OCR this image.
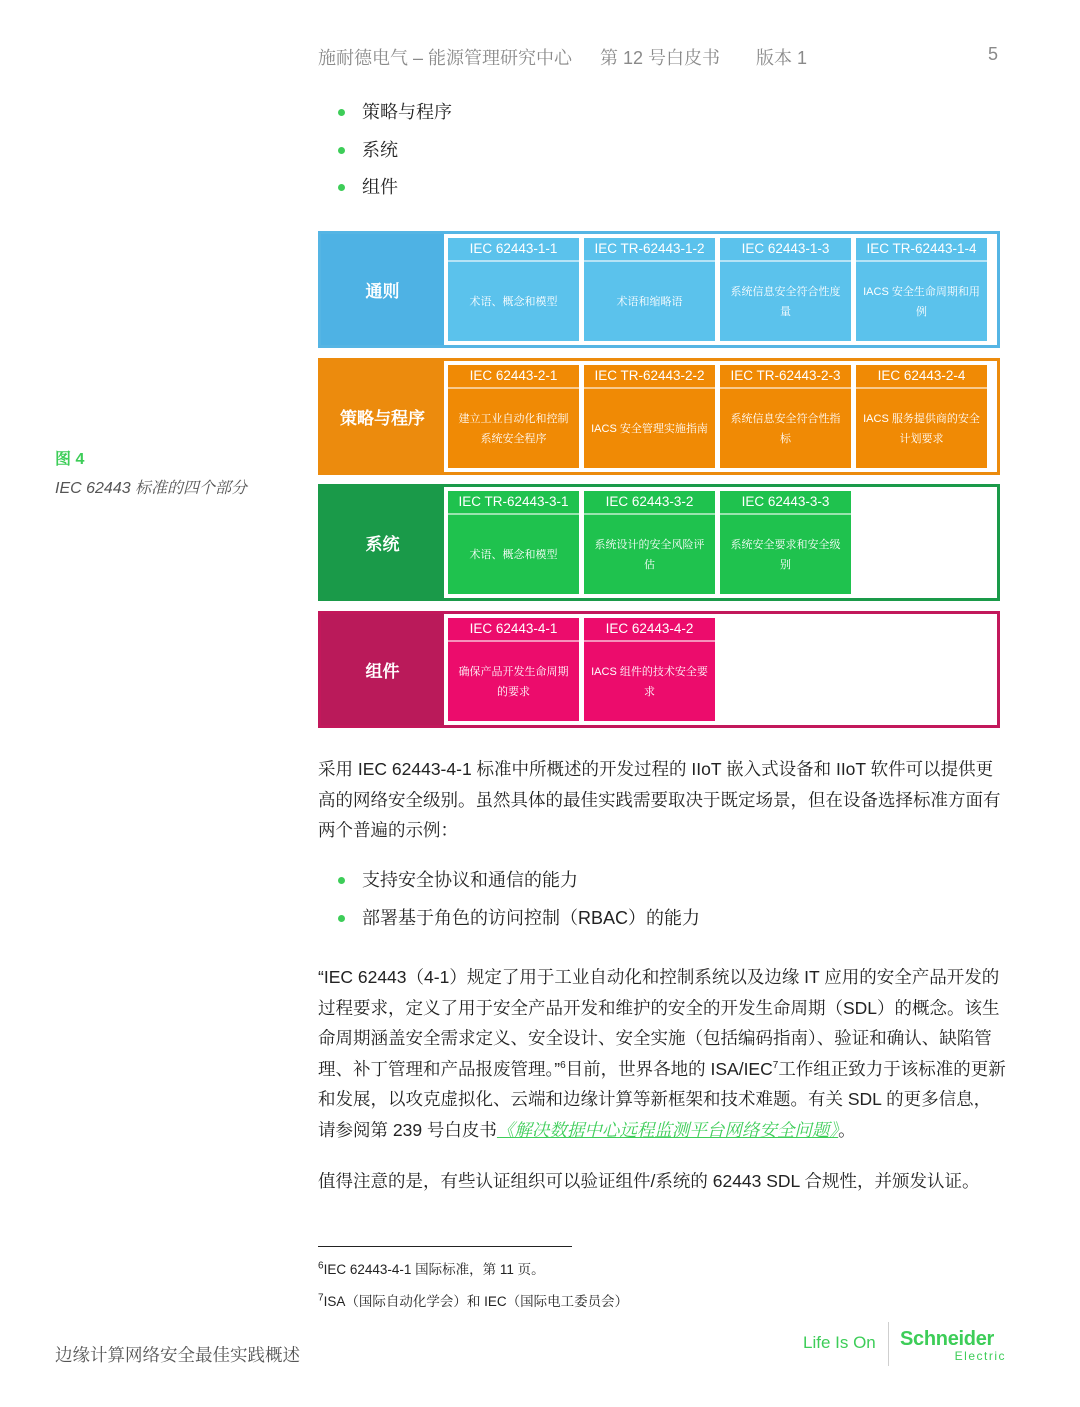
施耐德电气 – 能源管理研究中心 第 12 号白皮书 版本 1	5
策略与程序
系统
组件
图 4
IEC 62443 标准的四个部分
通则
IEC 62443-1-1
术语、概念和模型
IEC TR-62443-1-2
术语和缩略语
IEC 62443-1-3
系统信息安全符合性度量
IEC TR-62443-1-4
IACS 安全生命周期和用例
策略与程序
IEC 62443-2-1
建立工业自动化和控制系统安全程序
IEC TR-62443-2-2
IACS 安全管理实施指南
IEC TR-62443-2-3
系统信息安全符合性指标
IEC 62443-2-4
IACS 服务提供商的安全计划要求
系统
IEC TR-62443-3-1
术语、概念和模型
IEC 62443-3-2
系统设计的安全风险评估
IEC 62443-3-3
系统安全要求和安全级别
组件
IEC 62443-4-1
确保产品开发生命周期的要求
IEC 62443-4-2
IACS 组件的技术安全要求

采用 IEC 62443-4-1 标准中所概述的开发过程的 IIoT 嵌入式设备和 IIoT 软件可以提供更高的网络安全级别。虽然具体的最佳实践需要取决于既定场景，但在设备选择标准方面有两个普遍的示例：

支持安全协议和通信的能力
部署基于角色的访问控制（RBAC）的能力

“IEC 62443（4-1）规定了用于工业自动化和控制系统以及边缘 IT 应用的安全产品开发的过程要求，定义了用于安全产品开发和维护的安全的开发生命周期（SDL）的概念。该生命周期涵盖安全需求定义、安全设计、安全实施（包括编码指南）、验证和确认、缺陷管理、补丁管理和产品报废管理。”$^6$目前，世界各地的 ISA/IEC$^7$工作组正致力于该标准的更新和发展，以攻克虚拟化、云端和边缘计算等新框架和技术难题。有关 SDL 的更多信息，请参阅第 239 号白皮书《解决数据中心远程监测平台网络安全问题》。

值得注意的是，有些认证组织可以验证组件/系统的 62443 SDL 合规性，并颁发认证。

$^6$IEC 62443-4-1 国际标准，第 11 页。
$^7$ISA（国际自动化学会）和 IEC（国际电工委员会）
边缘计算网络安全最佳实践概述
Life Is On Schneider
Electric
